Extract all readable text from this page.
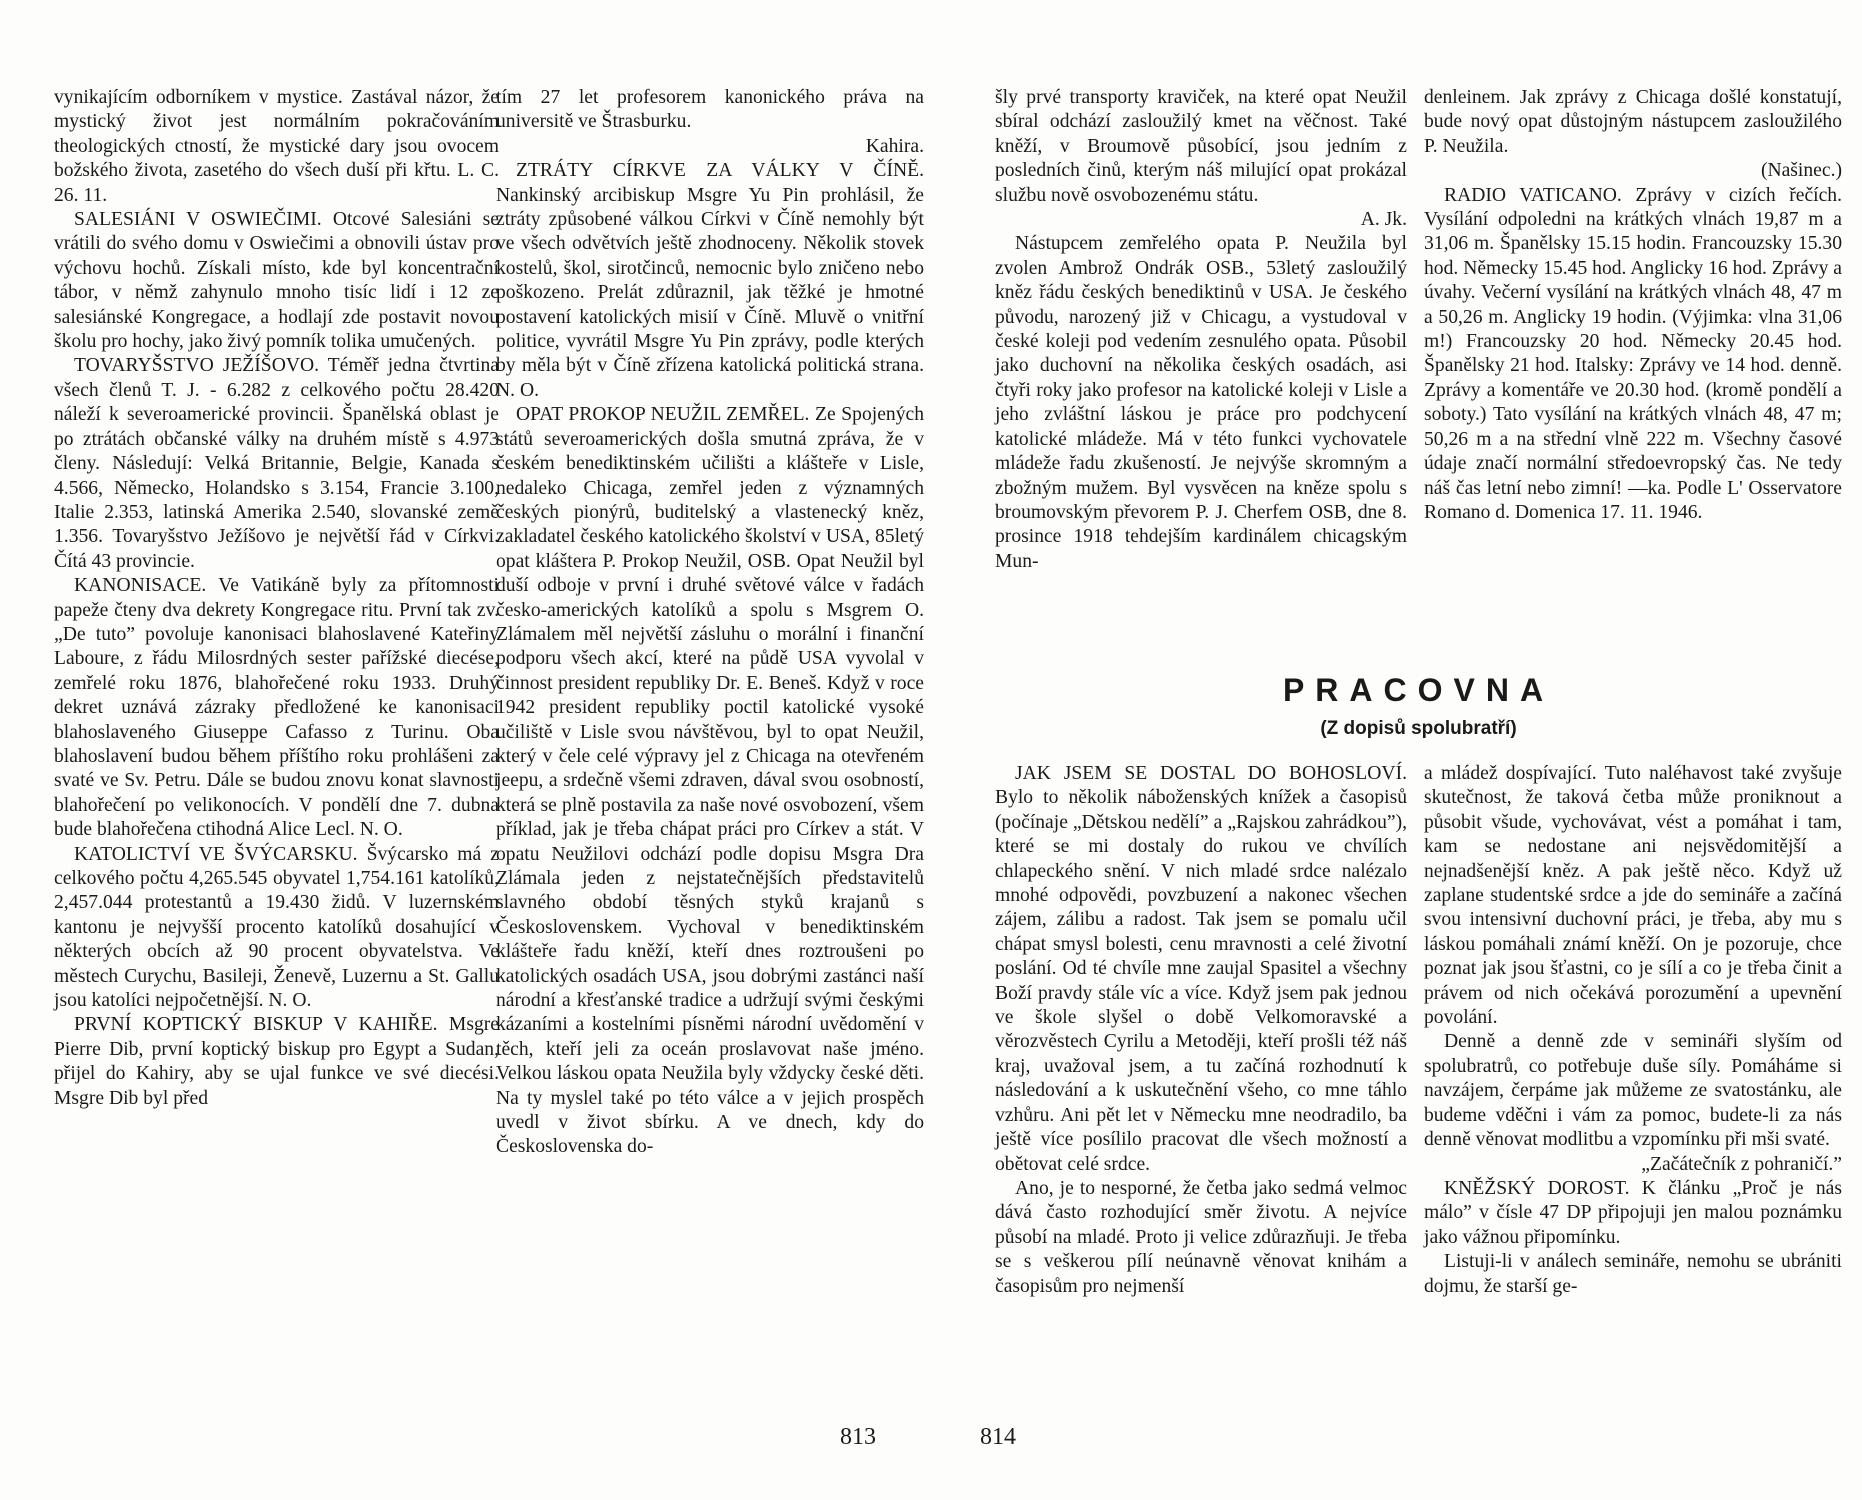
vynikajícím odborníkem v mystice. Zastával názor, že mystický život jest normálním pokračováním theologických ctností, že mystické dary jsou ovocem božského života, zasetého do všech duší při křtu. L. C. 26. 11.

SALESIÁNI V OSWIEČIMI. Otcové Salesiáni se vrátili do svého domu v Oswiečimi a obnovili ústav pro výchovu hochů. Získali místo, kde byl koncentrační tábor, v němž zahynulo mnoho tisíc lidí i 12 ze salesiánské Kongregace, a hodlají zde postavit novou školu pro hochy, jako živý pomník tolika umučených.

TOVARYŠSTVO JEŽÍŠOVO. Téměř jedna čtvrtina všech členů T. J. - 6.282 z celkového počtu 28.420 náleží k severoamerické provincii. Španělská oblast je po ztrátách občanské války na druhém místě s 4.973 členy. Následují: Velká Britannie, Belgie, Kanada s 4.566, Německo, Holandsko s 3.154, Francie 3.100, Italie 2.353, latinská Amerika 2.540, slovanské země 1.356. Tovaryšstvo Ježíšovo je největší řád v Církvi. Čítá 43 provincie.

KANONISACE. Ve Vatikáně byly za přítomnosti papeže čteny dva dekrety Kongregace ritu. První tak zv. „De tuto” povoluje kanonisaci blahoslavené Kateřiny Laboure, z řádu Milosrdných sester pařížské diecése, zemřelé roku 1876, blahořečené roku 1933. Druhý dekret uznává zázraky předložené ke kanonisaci blahoslaveného Giuseppe Cafasso z Turinu. Oba blahoslavení budou během příštího roku prohlášeni za svaté ve Sv. Petru. Dále se budou znovu konat slavnosti blahořečení po velikonocích. V pondělí dne 7. dubna bude blahořečena ctihodná Alice Lecl. N. O.

KATOLICTVÍ VE ŠVÝCARSKU. Švýcarsko má z celkového počtu 4,265.545 obyvatel 1,754.161 katolíků, 2,457.044 protestantů a 19.430 židů. V luzernském kantonu je nejvyšší procento katolíků dosahující v některých obcích až 90 procent obyvatelstva. Ve městech Curychu, Basileji, Ženevě, Luzernu a St. Gallu jsou katolíci nejpočetnější. N. O.

PRVNÍ KOPTICKÝ BISKUP V KAHIŘE. Msgre Pierre Dib, první koptický biskup pro Egypt a Sudan, přijel do Kahiry, aby se ujal funkce ve své diecési. Msgre Dib byl před

tím 27 let profesorem kanonického práva na universitě ve Štrasburku.

Kahira.

ZTRÁTY CÍRKVE ZA VÁLKY V ČÍNĚ. Nankinský arcibiskup Msgre Yu Pin prohlásil, že ztráty způsobené válkou Církvi v Číně nemohly být ve všech odvětvích ještě zhodnoceny. Několik stovek kostelů, škol, sirotčinců, nemocnic bylo zničeno nebo poškozeno. Prelát zdůraznil, jak těžké je hmotné postavení katolických misií v Číně. Mluvě o vnitřní politice, vyvrátil Msgre Yu Pin zprávy, podle kterých by měla být v Číně zřízena katolická politická strana. N. O.

OPAT PROKOP NEUŽIL ZEMŘEL. Ze Spojených států severoamerických došla smutná zpráva, že v českém benediktinském učilišti a klášteře v Lisle, nedaleko Chicaga, zemřel jeden z významných českých pionýrů, buditelský a vlastenecký kněz, zakladatel českého katolického školství v USA, 85letý opat kláštera P. Prokop Neužil, OSB. Opat Neužil byl duší odboje v první i druhé světové válce v řadách česko-amerických katolíků a spolu s Msgrem O. Zlámalem měl největší zásluhu o morální i finanční podporu všech akcí, které na půdě USA vyvolal v činnost president republiky Dr. E. Beneš. Když v roce 1942 president republiky poctil katolické vysoké učiliště v Lisle svou návštěvou, byl to opat Neužil, který v čele celé výpravy jel z Chicaga na otevřeném jeepu, a srdečně všemi zdraven, dával svou osobností, která se plně postavila za naše nové osvobození, všem příklad, jak je třeba chápat práci pro Církev a stát. V opatu Neužilovi odchází podle dopisu Msgra Dra Zlámala jeden z nejstatečnějších představitelů slavného období těsných styků krajanů s Československem. Vychoval v benediktinském klášteře řadu kněží, kteří dnes roztroušeni po katolických osadách USA, jsou dobrými zastánci naší národní a křesťanské tradice a udržují svými českými kázaními a kostelními písněmi národní uvědomění v těch, kteří jeli za oceán proslavovat naše jméno. Velkou láskou opata Neužila byly vždycky české děti. Na ty myslel také po této válce a v jejich prospěch uvedl v život sbírku. A ve dnech, kdy do Československa do-

813

šly prvé transporty kraviček, na které opat Neužil sbíral odchází zasloužilý kmet na věčnost. Také kněží, v Broumově působící, jsou jedním z posledních činů, kterým náš milující opat prokázal službu nově osvobozenému státu.

A. Jk.

Nástupcem zemřelého opata P. Neužila byl zvolen Ambrož Ondrák OSB., 53letý zasloužilý kněz řádu českých benediktinů v USA. Je českého původu, narozený již v Chicagu, a vystudoval v české koleji pod vedením zesnulého opata. Působil jako duchovní na několika českých osadách, asi čtyři roky jako profesor na katolické koleji v Lisle a jeho zvláštní láskou je práce pro podchycení katolické mládeže. Má v této funkci vychovatele mládeže řadu zkušeností. Je nejvýše skromným a zbožným mužem. Byl vysvěcen na kněze spolu s broumovským převorem P. J. Cherfem OSB, dne 8. prosince 1918 tehdejším kardinálem chicagským Mun-

denleinem. Jak zprávy z Chicaga došlé konstatují, bude nový opat důstojným nástupcem zasloužilého P. Neužila.

(Našinec.)

RADIO VATICANO. Zprávy v cizích řečích. Vysílání odpoledni na krátkých vlnách 19,87 m a 31,06 m. Španělsky 15.15 hodin. Francouzsky 15.30 hod. Německy 15.45 hod. Anglicky 16 hod. Zprávy a úvahy. Večerní vysílání na krátkých vlnách 48, 47 m a 50,26 m. Anglicky 19 hodin. (Výjimka: vlna 31,06 m!) Francouzsky 20 hod. Německy 20.45 hod. Španělsky 21 hod. Italsky: Zprávy ve 14 hod. denně. Zprávy a komentáře ve 20.30 hod. (kromě pondělí a soboty.) Tato vysílání na krátkých vlnách 48, 47 m; 50,26 m a na střední vlně 222 m. Všechny časové údaje značí normální středoevropský čas. Ne tedy náš čas letní nebo zimní! —ka. Podle L' Osservatore Romano d. Domenica 17. 11. 1946.

PRACOVNA
(Z dopisů spolubratří)

JAK JSEM SE DOSTAL DO BOHOSLOVÍ. Bylo to několik náboženských knížek a časopisů (počínaje „Dětskou nedělí” a „Rajskou zahrádkou”), které se mi dostaly do rukou ve chvílích chlapeckého snění. V nich mladé srdce nalézalo mnohé odpovědi, povzbuzení a nakonec všechen zájem, zálibu a radost. Tak jsem se pomalu učil chápat smysl bolesti, cenu mravnosti a celé životní poslání. Od té chvíle mne zaujal Spasitel a všechny Boží pravdy stále víc a více. Když jsem pak jednou ve škole slyšel o době Velkomoravské a věrozvěstech Cyrilu a Metoději, kteří prošli též náš kraj, uvažoval jsem, a tu začíná rozhodnutí k následování a k uskutečnění všeho, co mne táhlo vzhůru. Ani pět let v Německu mne neodradilo, ba ještě více posílilo pracovat dle všech možností a obětovat celé srdce.

Ano, je to nesporné, že četba jako sedmá velmoc dává často rozhodující směr životu. A nejvíce působí na mladé. Proto ji velice zdůrazňuji. Je třeba se s veškerou pílí neúnavně věnovat knihám a časopisům pro nejmenší

a mládež dospívající. Tuto naléhavost také zvyšuje skutečnost, že taková četba může proniknout a působit všude, vychovávat, vést a pomáhat i tam, kam se nedostane ani nejsvědomitější a nejnadšenější kněz. A pak ještě něco. Když už zaplane studentské srdce a jde do semináře a začíná svou intensivní duchovní práci, je třeba, aby mu s láskou pomáhali známí kněží. On je pozoruje, chce poznat jak jsou šťastni, co je sílí a co je třeba činit a právem od nich očekává porozumění a upevnění povolání.

Denně a denně zde v semináři slyším od spolubratrů, co potřebuje duše síly. Pomáháme si navzájem, čerpáme jak můžeme ze svatostánku, ale budeme vděčni i vám za pomoc, budete-li za nás denně věnovat modlitbu a vzpomínku při mši svaté.

„Začátečník z pohraničí.”

KNĚŽSKÝ DOROST. K článku „Proč je nás málo” v čísle 47 DP připojuji jen malou poznámku jako vážnou připomínku.

Listuji-li v análech semináře, nemohu se ubrániti dojmu, že starší ge-

814
